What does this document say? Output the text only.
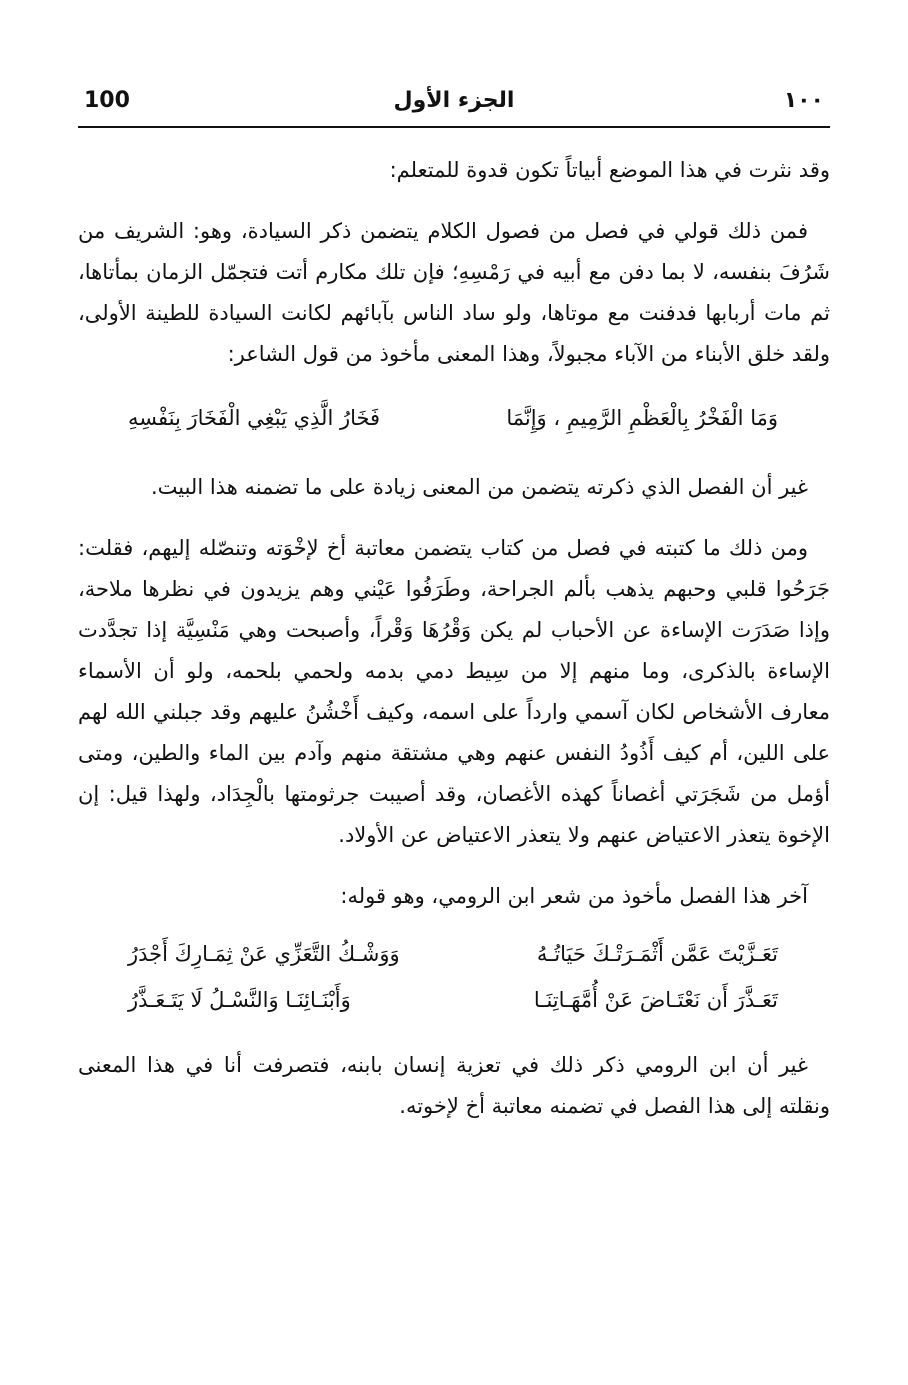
100	الجزء الأول	١٠٠

وقد نثرت في هذا الموضع أبياتاً تكون قدوة للمتعلم:

فمن ذلك قولي في فصل من فصول الكلام يتضمن ذكر السيادة، وهو: الشريف من شَرُفَ بنفسه، لا بما دفن مع أبيه في رَمْسِهِ؛ فإن تلك مكارم أتت فتجمّل الزمان بمأتاها، ثم مات أربابها فدفنت مع موتاها، ولو ساد الناس بآبائهم لكانت السيادة للطينة الأولى، ولقد خلق الأبناء من الآباء مجبولاً، وهذا المعنى مأخوذ من قول الشاعر:

وَمَا الْفَخْرُ بِالْعَظْمِ الرَّمِيمِ ، وَإِنَّمَا
فَخَارُ الَّذِي يَبْغِي الْفَخَارَ بِنَفْسِهِ

غير أن الفصل الذي ذكرته يتضمن من المعنى زيادة على ما تضمنه هذا البيت.

ومن ذلك ما كتبته في فصل من كتاب يتضمن معاتبة أخ لإخْوَته وتنصّله إليهم، فقلت: جَرَحُوا قلبي وحبهم يذهب بألم الجراحة، وطَرَفُوا عَيْني وهم يزيدون في نظرها ملاحة، وإذا صَدَرَت الإساءة عن الأحباب لم يكن وَقْرُهَا وَقْراً، وأصبحت وهي مَنْسِيَّة إذا تجدَّدت الإساءة بالذكرى، وما منهم إلا من سِيط دمي بدمه ولحمي بلحمه، ولو أن الأسماء معارف الأشخاص لكان آسمي وارداً على اسمه، وكيف أَخْشُنُ عليهم وقد جبلني الله لهم على اللين، أم كيف أَذُودُ النفس عنهم وهي مشتقة منهم وآدم بين الماء والطين، ومتى أؤمل من شَجَرَتي أغصاناً كهذه الأغصان، وقد أصيبت جرثومتها بالْجِدَاد، ولهذا قيل: إن الإخوة يتعذر الاعتياض عنهم ولا يتعذر الاعتياض عن الأولاد.

آخر هذا الفصل مأخوذ من شعر ابن الرومي، وهو قوله:

تَعَـزَّيْتَ عَمَّن أَثْمَـرَتْـكَ حَيَاتُـهُ
وَوَشْـكُ التَّعَزِّي عَنْ ثِمَـارِكَ أَجْدَرُ
تَعَـذَّرَ أَن نَعْتَـاضَ عَنْ أُمَّهَـاتِنَـا
وَأَبْنَـائِنَـا وَالنَّسْـلُ لَا يَتَـعَـذَّرُ

غير أن ابن الرومي ذكر ذلك في تعزية إنسان بابنه، فتصرفت أنا في هذا المعنى ونقلته إلى هذا الفصل في تضمنه معاتبة أخ لإخوته.
